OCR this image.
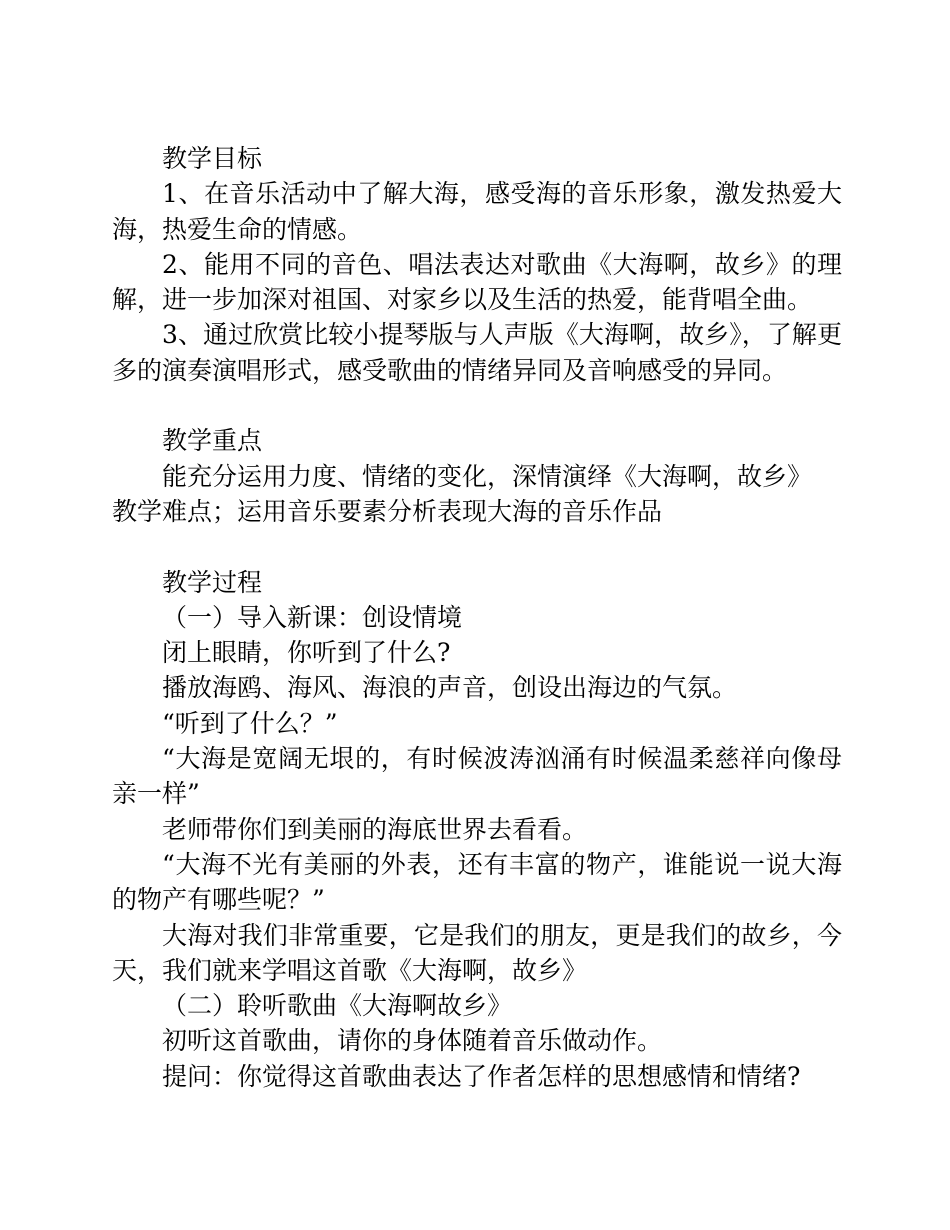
教学目标

1、在音乐活动中了解大海，感受海的音乐形象，激发热爱大海，热爱生命的情感。

2、能用不同的音色、唱法表达对歌曲《大海啊，故乡》的理解，进一步加深对祖国、对家乡以及生活的热爱，能背唱全曲。

3、通过欣赏比较小提琴版与人声版《大海啊，故乡》，了解更多的演奏演唱形式，感受歌曲的情绪异同及音响感受的异同。

教学重点

能充分运用力度、情绪的变化，深情演绎《大海啊，故乡》

教学难点；运用音乐要素分析表现大海的音乐作品

教学过程

（一）导入新课：创设情境

闭上眼睛，你听到了什么?

播放海鸥、海风、海浪的声音，创设出海边的气氛。

“听到了什么？”

“大海是宽阔无垠的，有时候波涛汹涌有时候温柔慈祥向像母亲一样”

老师带你们到美丽的海底世界去看看。

“大海不光有美丽的外表，还有丰富的物产，谁能说一说大海的物产有哪些呢？”

大海对我们非常重要，它是我们的朋友，更是我们的故乡，今天，我们就来学唱这首歌《大海啊，故乡》

（二）聆听歌曲《大海啊故乡》

初听这首歌曲，请你的身体随着音乐做动作。

提问：你觉得这首歌曲表达了作者怎样的思想感情和情绪?
